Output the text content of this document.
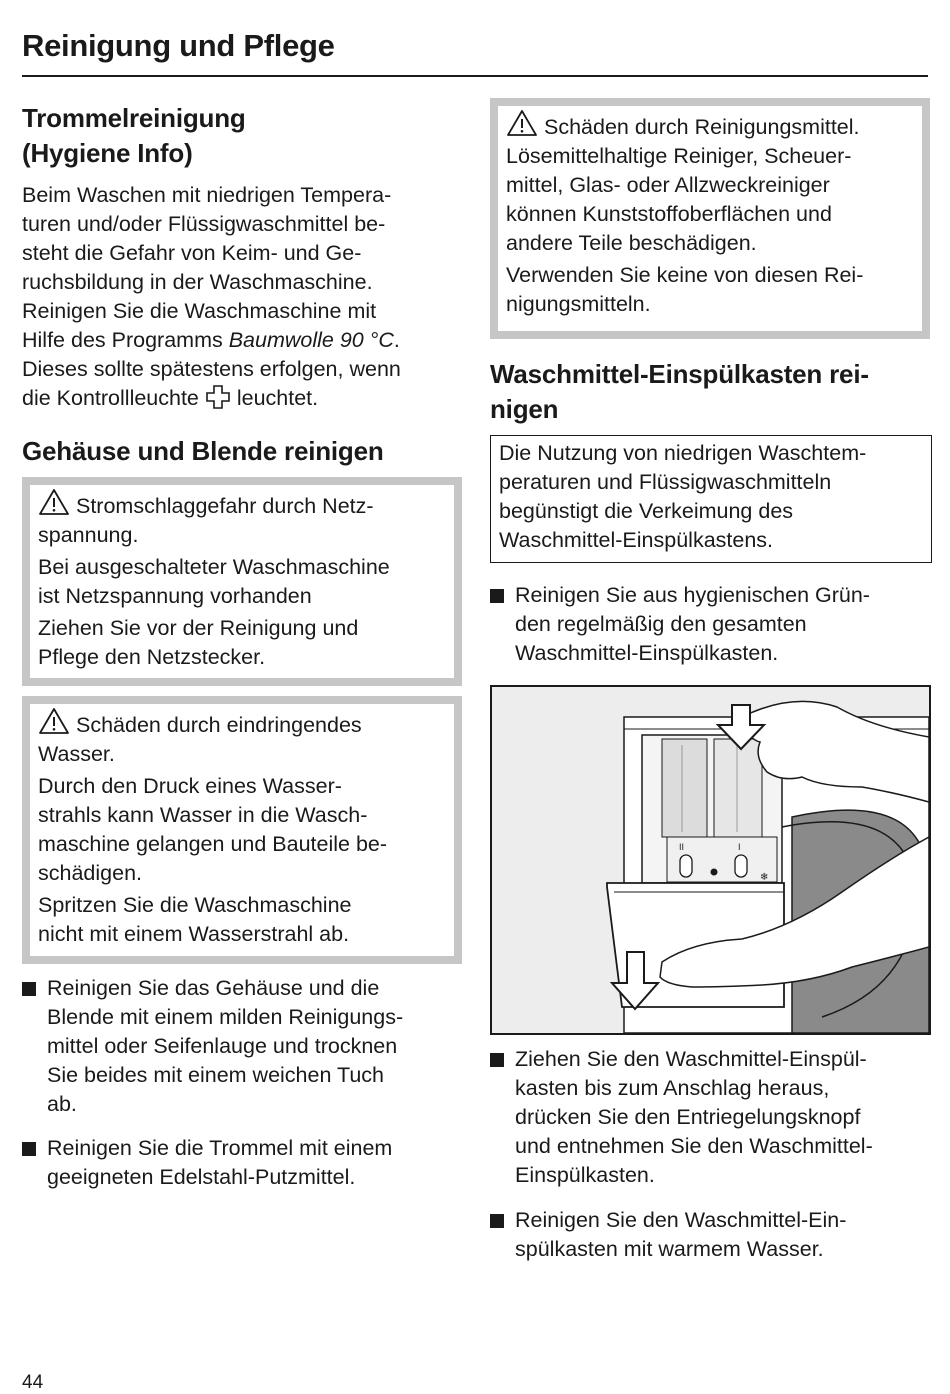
Reinigung und Pflege
Trommelreinigung
(Hygiene Info)

Beim Waschen mit niedrigen Tempera-

turen und/oder Flüssigwaschmittel be-

steht die Gefahr von Keim- und Ge-

ruchsbildung in der Waschmaschine.

Reinigen Sie die Waschmaschine mit

Hilfe des Programms Baumwolle 90 °C.

Dieses sollte spätestens erfolgen, wenn

die Kontrollleuchte  leuchtet.

Gehäuse und Blende reinigen

Stromschlaggefahr durch Netz-
spannung.

Bei ausgeschalteter Waschmaschine
ist Netzspannung vorhanden

Ziehen Sie vor der Reinigung und
Pflege den Netzstecker.

Schäden durch eindringendes
Wasser.

Durch den Druck eines Wasser-
strahls kann Wasser in die Wasch-
maschine gelangen und Bauteile be-
schädigen.

Spritzen Sie die Waschmaschine
nicht mit einem Wasserstrahl ab.

Reinigen Sie das Gehäuse und die

Blende mit einem milden Reinigungs-

mittel oder Seifenlauge und trocknen

Sie beides mit einem weichen Tuch

ab.

Reinigen Sie die Trommel mit einem

geeigneten Edelstahl-Putzmittel.

Schäden durch Reinigungsmittel.

Lösemittelhaltige Reiniger, Scheuer-
mittel, Glas- oder Allzweckreiniger
können Kunststoffoberflächen und
andere Teile beschädigen.

Verwenden Sie keine von diesen Rei-
nigungsmitteln.

Waschmittel-Einspülkasten rei-
nigen

Die Nutzung von niedrigen Waschtem-

peraturen und Flüssigwaschmitteln

begünstigt die Verkeimung des

Waschmittel-Einspülkastens.

Reinigen Sie aus hygienischen Grün-

den regelmäßig den gesamten

Waschmittel-Einspülkasten.

II	I
❄

Ziehen Sie den Waschmittel-Einspül-

kasten bis zum Anschlag heraus,

drücken Sie den Entriegelungsknopf

und entnehmen Sie den Waschmittel-

Einspülkasten.

Reinigen Sie den Waschmittel-Ein-

spülkasten mit warmem Wasser.

44
